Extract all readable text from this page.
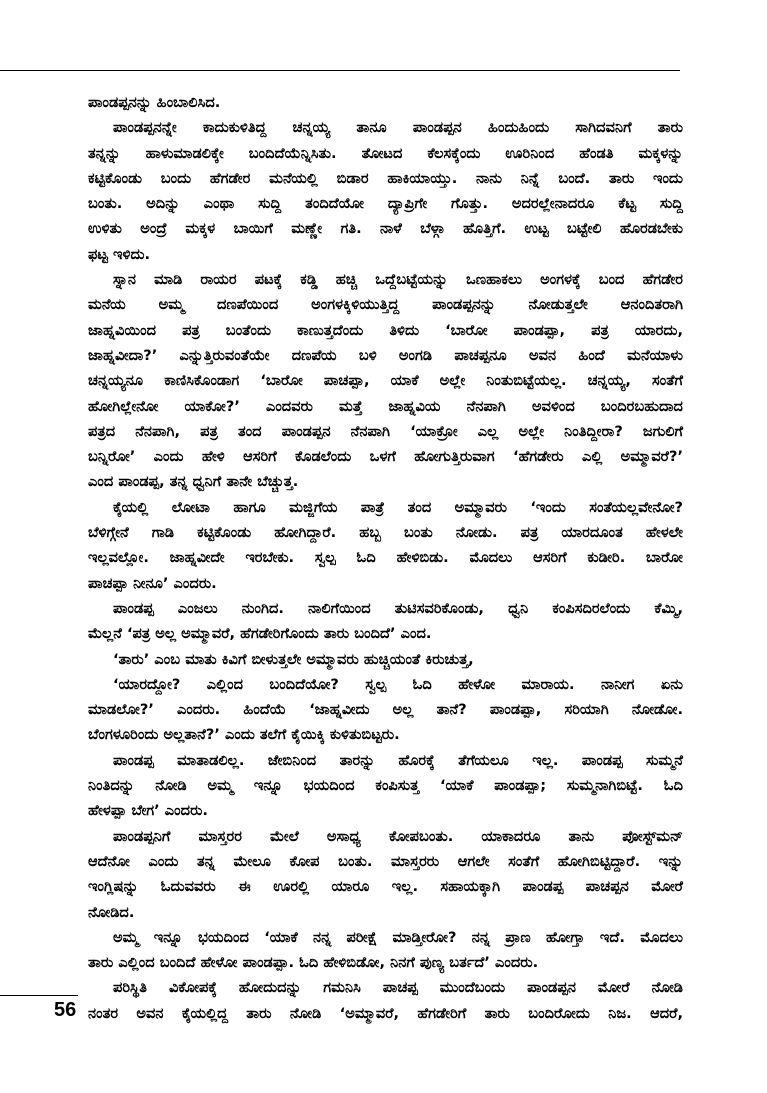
ಪಾಂಡಪ್ಪನನ್ನು ಹಿಂಬಾಲಿಸಿದ.

ಪಾಂಡಪ್ಪನನ್ನೇ ಕಾದುಕುಳಿತಿದ್ದ ಚನ್ನಯ್ಯ ತಾನೂ ಪಾಂಡಪ್ಪನ ಹಿಂದುಹಿಂದು ಸಾಗಿದವನಿಗೆ ತಾರು

ತನ್ನನ್ನು ಹಾಳುಮಾಡಲಿಕ್ಕೇ ಬಂದಿದೆಯೆನ್ನಿಸಿತು. ತೋಟದ ಕೆಲಸಕ್ಕೆಂದು ಊರಿನಿಂದ ಹೆಂಡತಿ ಮಕ್ಕಳನ್ನು

ಕಟ್ಟಿಕೊಂಡು ಬಂದು ಹೆಗಡೇರ ಮನೆಯಲ್ಲಿ ಬಿಡಾರ ಹಾಕಿಯಾಯ್ತು. ನಾನು ನಿನ್ನೆ ಬಂದೆ. ತಾರು ಇಂದು

ಬಂತು. ಅದಿನ್ನು ಎಂಥಾ ಸುದ್ದಿ ತಂದಿದೆಯೋ ದ್ಯಾಪ್ರಿಗೇ ಗೊತ್ತು. ಅದರಲ್ಲೇನಾದರೂ ಕೆಟ್ಟ ಸುದ್ದಿ

ಉಳಿತು ಅಂದ್ರೆ ಮಕ್ಕಳ ಬಾಯಿಗೆ ಮಣ್ಣೇ ಗತಿ. ನಾಳೆ ಬೆಳ್ಗಾ ಹೊತ್ತಿಗೆ. ಉಟ್ಟ ಬಟ್ಟೇಲಿ ಹೊರಡಬೇಕು

ಫಟ್ಟ ಇಳಿದು.

ಸ್ನಾನ ಮಾಡಿ ರಾಯರ ಪಟಕ್ಕೆ ಕಡ್ಡಿ ಹಚ್ಚಿ ಒದ್ದೆಬಟ್ಟೆಯನ್ನು ಒಣಹಾಕಲು ಅಂಗಳಕ್ಕೆ ಬಂದ ಹೆಗಡೇರ

ಮನೆಯ ಅಮ್ಮ ದಣಪೆಯಿಂದ ಅಂಗಳಕ್ಕಿಳಿಯುತ್ತಿದ್ದ ಪಾಂಡಪ್ಪನನ್ನು ನೋಡುತ್ತಲೇ ಆನಂದಿತರಾಗಿ

ಜಾಹ್ನವಿಯಿಂದ ಪತ್ರ ಬಂತೆಂದು ಕಾಣುತ್ತದೆಂದು ತಿಳಿದು ‘ಬಾರೋ ಪಾಂಡಪ್ಪಾ, ಪತ್ರ ಯಾರದು,

ಜಾಹ್ನವೀದಾ?’ ಎನ್ನುತ್ತಿರುವಂತೆಯೇ ದಣಪೆಯ ಬಳಿ ಅಂಗಡಿ ಪಾಚಪ್ಪನೂ ಅವನ ಹಿಂದೆ ಮನೆಯಾಳು

ಚನ್ನಯ್ಯನೂ ಕಾಣಿಸಿಕೊಂಡಾಗ ‘ಬಾರೋ ಪಾಚಪ್ಪಾ, ಯಾಕೆ ಅಲ್ಲೇ ನಿಂತುಬಿಟ್ಟೆಯಲ್ಲ. ಚನ್ನಯ್ಯ, ಸಂತೆಗೆ

ಹೋಗಿಲ್ಲೇನೋ ಯಾಕೋ?’ ಎಂದವರು ಮತ್ತೆ ಜಾಹ್ನವಿಯ ನೆನಪಾಗಿ ಅವಳಿಂದ ಬಂದಿರಬಹುದಾದ

ಪತ್ರದ ನೆನಪಾಗಿ, ಪತ್ರ ತಂದ ಪಾಂಡಪ್ಪನ ನೆನಪಾಗಿ ‘ಯಾಕ್ರೋ ಎಲ್ಲ ಅಲ್ಲೇ ನಿಂತಿದ್ದೀರಾ? ಜಗುಲಿಗೆ

ಬನ್ನಿರೋ’ ಎಂದು ಹೇಳಿ ಆಸರಿಗೆ ಕೊಡಲೆಂದು ಒಳಗೆ ಹೋಗುತ್ತಿರುವಾಗ ‘ಹೆಗಡೇರು ಎಲ್ಲಿ ಅಮ್ಮಾವರೆ?’

ಎಂದ ಪಾಂಡಪ್ಪ, ತನ್ನ ಧ್ವನಿಗೆ ತಾನೇ ಬೆಚ್ಚುತ್ತ.

ಕೈಯಲ್ಲಿ ಲೋಟಾ ಹಾಗೂ ಮಜ್ಜಿಗೆಯ ಪಾತ್ರೆ ತಂದ ಅಮ್ಮಾವರು ‘ಇಂದು ಸಂತೆಯಲ್ಲವೇನೋ?

ಬೆಳಿಗ್ಗೇನೆ ಗಾಡಿ ಕಟ್ಟಿಕೊಂಡು ಹೋಗಿದ್ದಾರೆ. ಹಬ್ಬ ಬಂತು ನೋಡು. ಪತ್ರ ಯಾರದೂಂತ ಹೇಳಲೇ

ಇಲ್ಲವಲ್ಲೋ. ಜಾಹ್ನವೀದೇ ಇರಬೇಕು. ಸ್ವಲ್ಪ ಓದಿ ಹೇಳಿಬಿಡು. ಮೊದಲು ಆಸರಿಗೆ ಕುಡೀರಿ. ಬಾರೋ

ಪಾಚಪ್ಪಾ ನೀನೂ’ ಎಂದರು.

ಪಾಂಡಪ್ಪ ಎಂಜಲು ನುಂಗಿದ. ನಾಲಿಗೆಯಿಂದ ತುಟಿಸವರಿಕೊಂಡು, ಧ್ವನಿ ಕಂಪಿಸದಿರಲೆಂದು ಕೆಮ್ಮಿ,

ಮೆಲ್ಲನೆ ‘ಪತ್ರ ಅಲ್ಲ ಅಮ್ಮಾವರೆ, ಹೆಗಡೇರಿಗೊಂದು ತಾರು ಬಂದಿದೆ’ ಎಂದ.

‘ತಾರು’ ಎಂಬ ಮಾತು ಕಿವಿಗೆ ಬೀಳುತ್ತಲೇ ಅಮ್ಮಾವರು ಹುಚ್ಚಿಯಂತೆ ಕಿರುಚುತ್ತ,

‘ಯಾರದ್ದೋ? ಎಲ್ಲಿಂದ ಬಂದಿದೆಯೋ? ಸ್ವಲ್ಪ ಓದಿ ಹೇಳೋ ಮಾರಾಯ. ನಾನೀಗ ಏನು

ಮಾಡಲೋ?’ ಎಂದರು. ಹಿಂದೆಯೆ ‘ಜಾಹ್ನವೀದು ಅಲ್ಲ ತಾನೆ? ಪಾಂಡಪ್ಪಾ, ಸರಿಯಾಗಿ ನೋಡೋ.

ಬೆಂಗಳೂರಿಂದು ಅಲ್ಲತಾನೆ?’ ಎಂದು ತಲೆಗೆ ಕೈಯಿಕ್ಕಿ ಕುಳಿತುಬಿಟ್ಟರು.

ಪಾಂಡಪ್ಪ ಮಾತಾಡಲಿಲ್ಲ. ಜೇಬಿನಿಂದ ತಾರನ್ನು ಹೊರಕ್ಕೆ ತೆಗೆಯಲೂ ಇಲ್ಲ. ಪಾಂಡಪ್ಪ ಸುಮ್ಮನೆ

ನಿಂತಿದನ್ನು ನೋಡಿ ಅಮ್ಮ ಇನ್ನೂ ಭಯದಿಂದ ಕಂಪಿಸುತ್ತ ‘ಯಾಕೆ ಪಾಂಡಪ್ಪಾ; ಸುಮ್ಮನಾಗಿಬಿಟ್ಟೆ. ಓದಿ

ಹೇಳಪ್ಪಾ ಬೇಗ’ ಎಂದರು.

ಪಾಂಡಪ್ಪನಿಗೆ ಮಾಸ್ತರರ ಮೇಲೆ ಅಸಾಧ್ಯ ಕೋಪಬಂತು. ಯಾಕಾದರೂ ತಾನು ಪೋಸ್ಟ್‌ಮನ್

ಆದೆನೋ ಎಂದು ತನ್ನ ಮೇಲೂ ಕೋಪ ಬಂತು. ಮಾಸ್ತರರು ಆಗಲೇ ಸಂತೆಗೆ ಹೋಗಿಬಿಟ್ಟಿದ್ದಾರೆ. ಇನ್ನು

ಇಂಗ್ಲಿಷನ್ನು ಓದುವವರು ಈ ಊರಲ್ಲಿ ಯಾರೂ ಇಲ್ಲ. ಸಹಾಯಕ್ಕಾಗಿ ಪಾಂಡಪ್ಪ ಪಾಚಪ್ಪನ ಮೋರೆ

ನೋಡಿದ.

ಅಮ್ಮ ಇನ್ನೂ ಭಯದಿಂದ ‘ಯಾಕೆ ನನ್ನ ಪರೀಕ್ಷೆ ಮಾಡ್ತೀರೋ? ನನ್ನ ಪ್ರಾಣ ಹೋಗ್ತಾ ಇದೆ. ಮೊದಲು

ತಾರು ಎಲ್ಲಿಂದ ಬಂದಿದೆ ಹೇಳೋ ಪಾಂಡಪ್ಪಾ. ಓದಿ ಹೇಳಿಬಿಡೋ, ನಿನಗೆ ಪುಣ್ಯ ಬರ್ತದೆ’ ಎಂದರು.

ಪರಿಸ್ಥಿತಿ ವಿಕೋಪಕ್ಕೆ ಹೋದುದನ್ನು ಗಮನಿಸಿ ಪಾಚಪ್ಪ ಮುಂದೆಬಂದು ಪಾಂಡಪ್ಪನ ಮೋರೆ ನೋಡಿ

ನಂತರ ಅವನ ಕೈಯಲ್ಲಿದ್ದ ತಾರು ನೋಡಿ ‘ಅಮ್ಮಾವರೆ, ಹೆಗಡೇರಿಗೆ ತಾರು ಬಂದಿರೋದು ನಿಜ. ಆದರೆ,

56
